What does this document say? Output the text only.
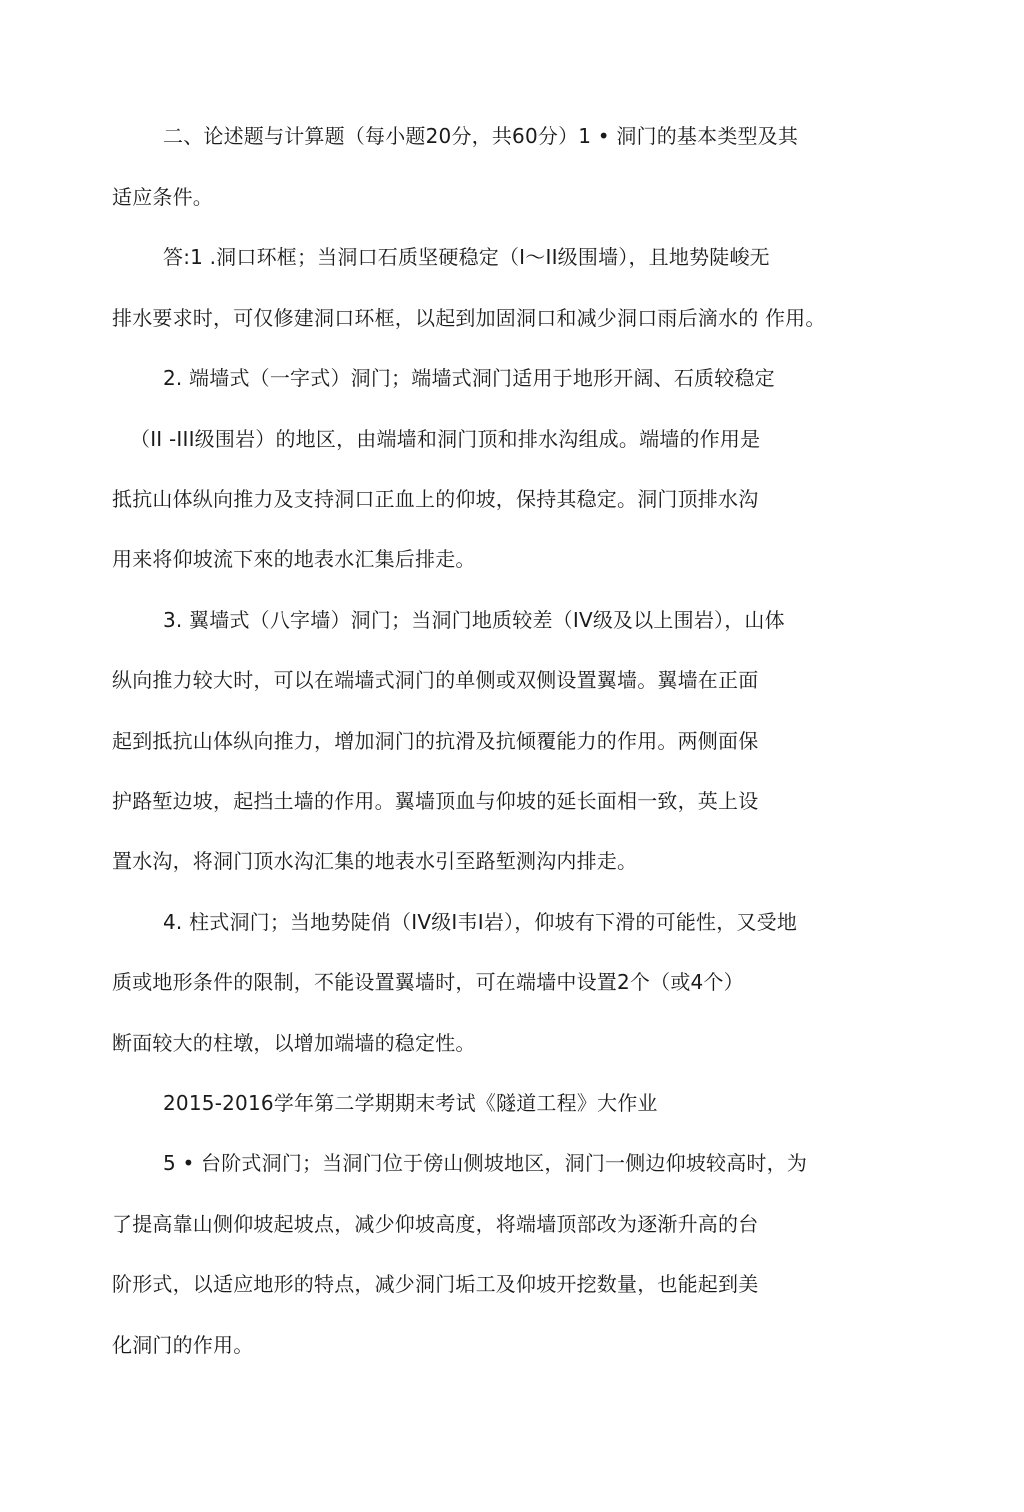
二、论述题与计算题（每小题20分，共60分）1 • 洞门的基本类型及其
适应条件。
答:1 .洞口环框；当洞口石质坚硬稳定（I～II级围墙），且地势陡峻无
排水要求时，可仅修建洞口环框，以起到加固洞口和减少洞口雨后滴水的 作用。
2. 端墙式（一字式）洞门；端墙式洞门适用于地形开阔、石质较稳定
（II -III级围岩）的地区，由端墙和洞门顶和排水沟组成。端墙的作用是
抵抗山体纵向推力及支持洞口正血上的仰坡，保持其稳定。洞门顶排水沟
用来将仰坡流下來的地表水汇集后排走。
3. 翼墙式（八字墙）洞门；当洞门地质较差（IV级及以上围岩），山体
纵向推力较大时，可以在端墙式洞门的单侧或双侧设置翼墙。翼墙在正面
起到抵抗山体纵向推力，增加洞门的抗滑及抗倾覆能力的作用。两侧面保
护路堑边坡，起挡土墙的作用。翼墙顶血与仰坡的延长面相一致，英上设
置水沟，将洞门顶水沟汇集的地表水引至路堑测沟内排走。
4. 柱式洞门；当地势陡俏（IV级I韦I岩），仰坡有下滑的可能性，又受地
质或地形条件的限制，不能设置翼墙时，可在端墙中设置2个（或4个）
断面较大的柱墩，以增加端墙的稳定性。
2015-2016学年第二学期期末考试《隧道工程》大作业
5 • 台阶式洞门；当洞门位于傍山侧坡地区，洞门一侧边仰坡较高时，为
了提高靠山侧仰坡起坡点，减少仰坡高度，将端墙顶部改为逐渐升高的台
阶形式，以适应地形的特点，减少洞门垢工及仰坡开挖数量，也能起到美
化洞门的作用。
